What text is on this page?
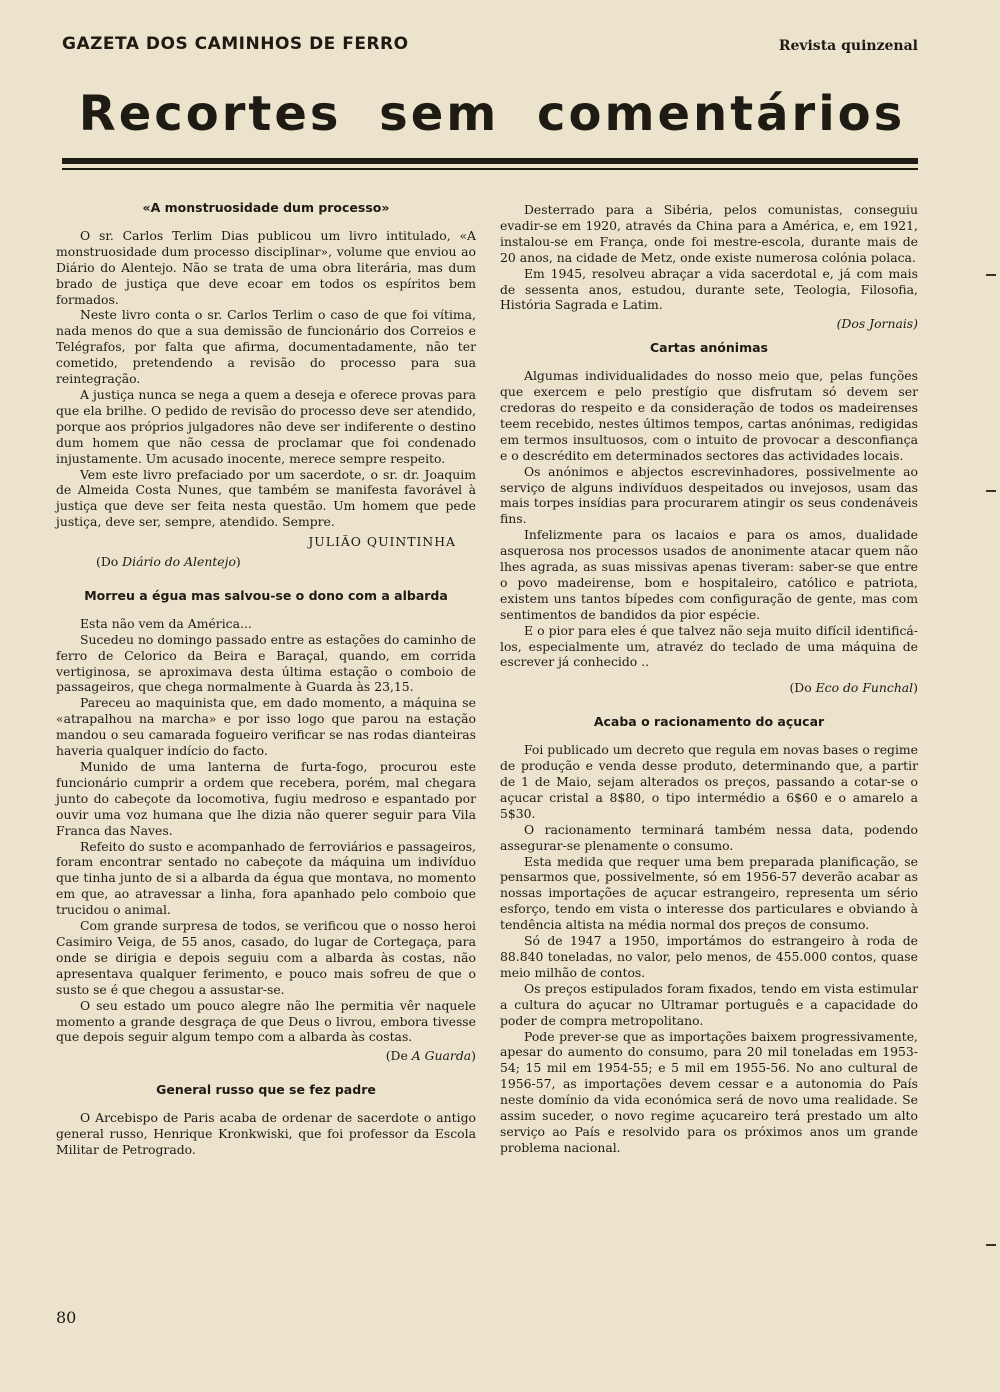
GAZETA DOS CAMINHOS DE FERRO	Revista quinzenal
Recortes sem comentários
«A monstruosidade dum processo»

O sr. Carlos Terlim Dias publicou um livro intitulado, «A monstruosidade dum processo disciplinar», volume que enviou ao Diário do Alentejo. Não se trata de uma obra literária, mas dum brado de justiça que deve ecoar em todos os espíritos bem formados.

Neste livro conta o sr. Carlos Terlim o caso de que foi vítima, nada menos do que a sua demissão de funcionário dos Correios e Telégrafos, por falta que afirma, documentadamente, não ter cometido, pretendendo a revisão do processo para sua reintegração.

A justiça nunca se nega a quem a deseja e oferece provas para que ela brilhe. O pedido de revisão do processo deve ser atendido, porque aos próprios julgadores não deve ser indiferente o destino dum homem que não cessa de proclamar que foi condenado injustamente. Um acusado inocente, merece sempre respeito.

Vem este livro prefaciado por um sacerdote, o sr. dr. Joaquim de Almeida Costa Nunes, que também se manifesta favorável à justiça que deve ser feita nesta questão. Um homem que pede justiça, deve ser, sempre, atendido. Sempre.

JULIÃO QUINTINHA
(Do Diário do Alentejo)
Morreu a égua mas salvou-se o dono com a albarda

Esta não vem da América...

Sucedeu no domingo passado entre as estações do caminho de ferro de Celorico da Beira e Baraçal, quando, em corrida vertiginosa, se aproximava desta última estação o comboio de passageiros, que chega normalmente à Guarda às 23,15.

Pareceu ao maquinista que, em dado momento, a máquina se «atrapalhou na marcha» e por isso logo que parou na estação mandou o seu camarada fogueiro verificar se nas rodas dianteiras haveria qualquer indício do facto.

Munido de uma lanterna de furta-fogo, procurou este funcionário cumprir a ordem que recebera, porém, mal chegara junto do cabeçote da locomotiva, fugiu medroso e espantado por ouvir uma voz humana que lhe dizia não querer seguir para Vila Franca das Naves.

Refeito do susto e acompanhado de ferroviários e passageiros, foram encontrar sentado no cabeçote da máquina um indivíduo que tinha junto de si a albarda da égua que montava, no momento em que, ao atravessar a linha, fora apanhado pelo comboio que trucidou o animal.

Com grande surpresa de todos, se verificou que o nosso heroi Casimiro Veiga, de 55 anos, casado, do lugar de Cortegaça, para onde se dirigia e depois seguiu com a albarda às costas, não apresentava qualquer ferimento, e pouco mais sofreu de que o susto se é que chegou a assustar-se.

O seu estado um pouco alegre não lhe permitia vêr naquele momento a grande desgraça de que Deus o livrou, embora tivesse que depois seguir algum tempo com a albarda às costas.

(De A Guarda)
General russo que se fez padre

O Arcebispo de Paris acaba de ordenar de sacerdote o antigo general russo, Henrique Kronkwiski, que foi professor da Escola Militar de Petrogrado.

Desterrado para a Sibéria, pelos comunistas, conseguiu evadir-se em 1920, através da China para a América, e, em 1921, instalou-se em França, onde foi mestre-escola, durante mais de 20 anos, na cidade de Metz, onde existe numerosa colónia polaca.

Em 1945, resolveu abraçar a vida sacerdotal e, já com mais de sessenta anos, estudou, durante sete, Teologia, Filosofia, História Sagrada e Latim.

(Dos Jornais)
Cartas anónimas

Algumas individualidades do nosso meio que, pelas funções que exercem e pelo prestígio que disfrutam só devem ser credoras do respeito e da consideração de todos os madeirenses teem recebido, nestes últimos tempos, cartas anónimas, redigidas em termos insultuosos, com o intuito de provocar a desconfiança e o descrédito em determinados sectores das actividades locais.

Os anónimos e abjectos escrevinhadores, possivelmente ao serviço de alguns indivíduos despeitados ou invejosos, usam das mais torpes insídias para procurarem atingir os seus condenáveis fins.

Infelizmente para os lacaios e para os amos, dualidade asquerosa nos processos usados de anonimente atacar quem não lhes agrada, as suas missivas apenas tiveram: saber-se que entre o povo madeirense, bom e hospitaleiro, católico e patriota, existem uns tantos bípedes com configuração de gente, mas com sentimentos de bandidos da pior espécie.

E o pior para eles é que talvez não seja muito difícil identificá-los, especialmente um, atravéz do teclado de uma máquina de escrever já conhecido ..

(Do Eco do Funchal)
Acaba o racionamento do açucar

Foi publicado um decreto que regula em novas bases o regime de produção e venda desse produto, determinando que, a partir de 1 de Maio, sejam alterados os preços, passando a cotar-se o açucar cristal a 8$80, o tipo intermédio a 6$60 e o amarelo a 5$30.

O racionamento terminará também nessa data, podendo assegurar-se plenamente o consumo.

Esta medida que requer uma bem preparada planificação, se pensarmos que, possivelmente, só em 1956-57 deverão acabar as nossas importações de açucar estrangeiro, representa um sério esforço, tendo em vista o interesse dos particulares e obviando à tendência altista na média normal dos preços de consumo.

Só de 1947 a 1950, importámos do estrangeiro à roda de 88.840 toneladas, no valor, pelo menos, de 455.000 contos, quase meio milhão de contos.

Os preços estipulados foram fixados, tendo em vista estimular a cultura do açucar no Ultramar português e a capacidade do poder de compra metropolitano.

Pode prever-se que as importações baixem progressivamente, apesar do aumento do consumo, para 20 mil toneladas em 1953-54; 15 mil em 1954-55; e 5 mil em 1955-56. No ano cultural de 1956-57, as importações devem cessar e a autonomia do País neste domínio da vida económica será de novo uma realidade. Se assim suceder, o novo regime açucareiro terá prestado um alto serviço ao País e resolvido para os próximos anos um grande problema nacional.

80
